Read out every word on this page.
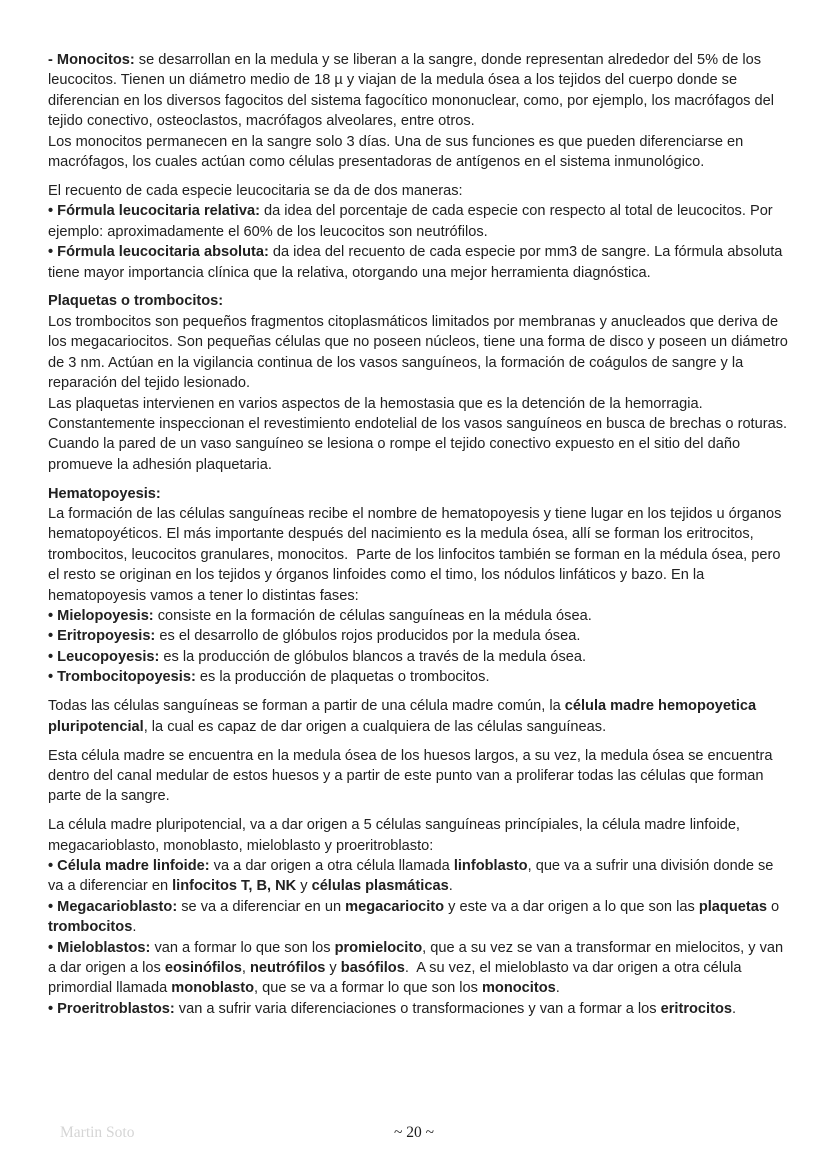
- Monocitos: se desarrollan en la medula y se liberan a la sangre, donde representan alrededor del 5% de los leucocitos. Tienen un diámetro medio de 18 µ y viajan de la medula ósea a los tejidos del cuerpo donde se diferencian en los diversos fagocitos del sistema fagocítico mononuclear, como, por ejemplo, los macrófagos del tejido conectivo, osteoclastos, macrófagos alveolares, entre otros.
Los monocitos permanecen en la sangre solo 3 días. Una de sus funciones es que pueden diferenciarse en macrófagos, los cuales actúan como células presentadoras de antígenos en el sistema inmunológico.
El recuento de cada especie leucocitaria se da de dos maneras:
• Fórmula leucocitaria relativa: da idea del porcentaje de cada especie con respecto al total de leucocitos. Por ejemplo: aproximadamente el 60% de los leucocitos son neutrófilos.
• Fórmula leucocitaria absoluta: da idea del recuento de cada especie por mm3 de sangre. La fórmula absoluta tiene mayor importancia clínica que la relativa, otorgando una mejor herramienta diagnóstica.
Plaquetas o trombocitos:
Los trombocitos son pequeños fragmentos citoplasmáticos limitados por membranas y anucleados que deriva de los megacariocitos. Son pequeñas células que no poseen núcleos, tiene una forma de disco y poseen un diámetro de 3 nm. Actúan en la vigilancia continua de los vasos sanguíneos, la formación de coágulos de sangre y la reparación del tejido lesionado.
Las plaquetas intervienen en varios aspectos de la hemostasia que es la detención de la hemorragia. Constantemente inspeccionan el revestimiento endotelial de los vasos sanguíneos en busca de brechas o roturas. Cuando la pared de un vaso sanguíneo se lesiona o rompe el tejido conectivo expuesto en el sitio del daño promueve la adhesión plaquetaria.
Hematopoyesis:
La formación de las células sanguíneas recibe el nombre de hematopoyesis y tiene lugar en los tejidos u órganos hematopoyéticos. El más importante después del nacimiento es la medula ósea, allí se forman los eritrocitos, trombocitos, leucocitos granulares, monocitos.  Parte de los linfocitos también se forman en la médula ósea, pero el resto se originan en los tejidos y órganos linfoides como el timo, los nódulos linfáticos y bazo. En la hematopoyesis vamos a tener lo distintas fases:
• Mielopoyesis: consiste en la formación de células sanguíneas en la médula ósea.
• Eritropoyesis: es el desarrollo de glóbulos rojos producidos por la medula ósea.
• Leucopoyesis: es la producción de glóbulos blancos a través de la medula ósea.
• Trombocitopoyesis: es la producción de plaquetas o trombocitos.
Todas las células sanguíneas se forman a partir de una célula madre común, la célula madre hemopoyetica pluripotencial, la cual es capaz de dar origen a cualquiera de las células sanguíneas.
Esta célula madre se encuentra en la medula ósea de los huesos largos, a su vez, la medula ósea se encuentra dentro del canal medular de estos huesos y a partir de este punto van a proliferar todas las células que forman parte de la sangre.
La célula madre pluripotencial, va a dar origen a 5 células sanguíneas princípiales, la célula madre linfoide, megacarioblasto, monoblasto, mieloblasto y proeritroblasto:
• Célula madre linfoide: va a dar origen a otra célula llamada linfoblasto, que va a sufrir una división donde se va a diferenciar en linfocitos T, B, NK y células plasmáticas.
• Megacarioblasto: se va a diferenciar en un megacariocito y este va a dar origen a lo que son las plaquetas o trombocitos.
• Mieloblastos: van a formar lo que son los promielocito, que a su vez se van a transformar en mielocitos, y van a dar origen a los eosinófilos, neutrófilos y basófilos.  A su vez, el mieloblasto va dar origen a otra célula primordial llamada monoblasto, que se va a formar lo que son los monocitos.
• Proeritroblastos: van a sufrir varia diferenciaciones o transformaciones y van a formar a los eritrocitos.
Martin Soto	~ 20 ~
